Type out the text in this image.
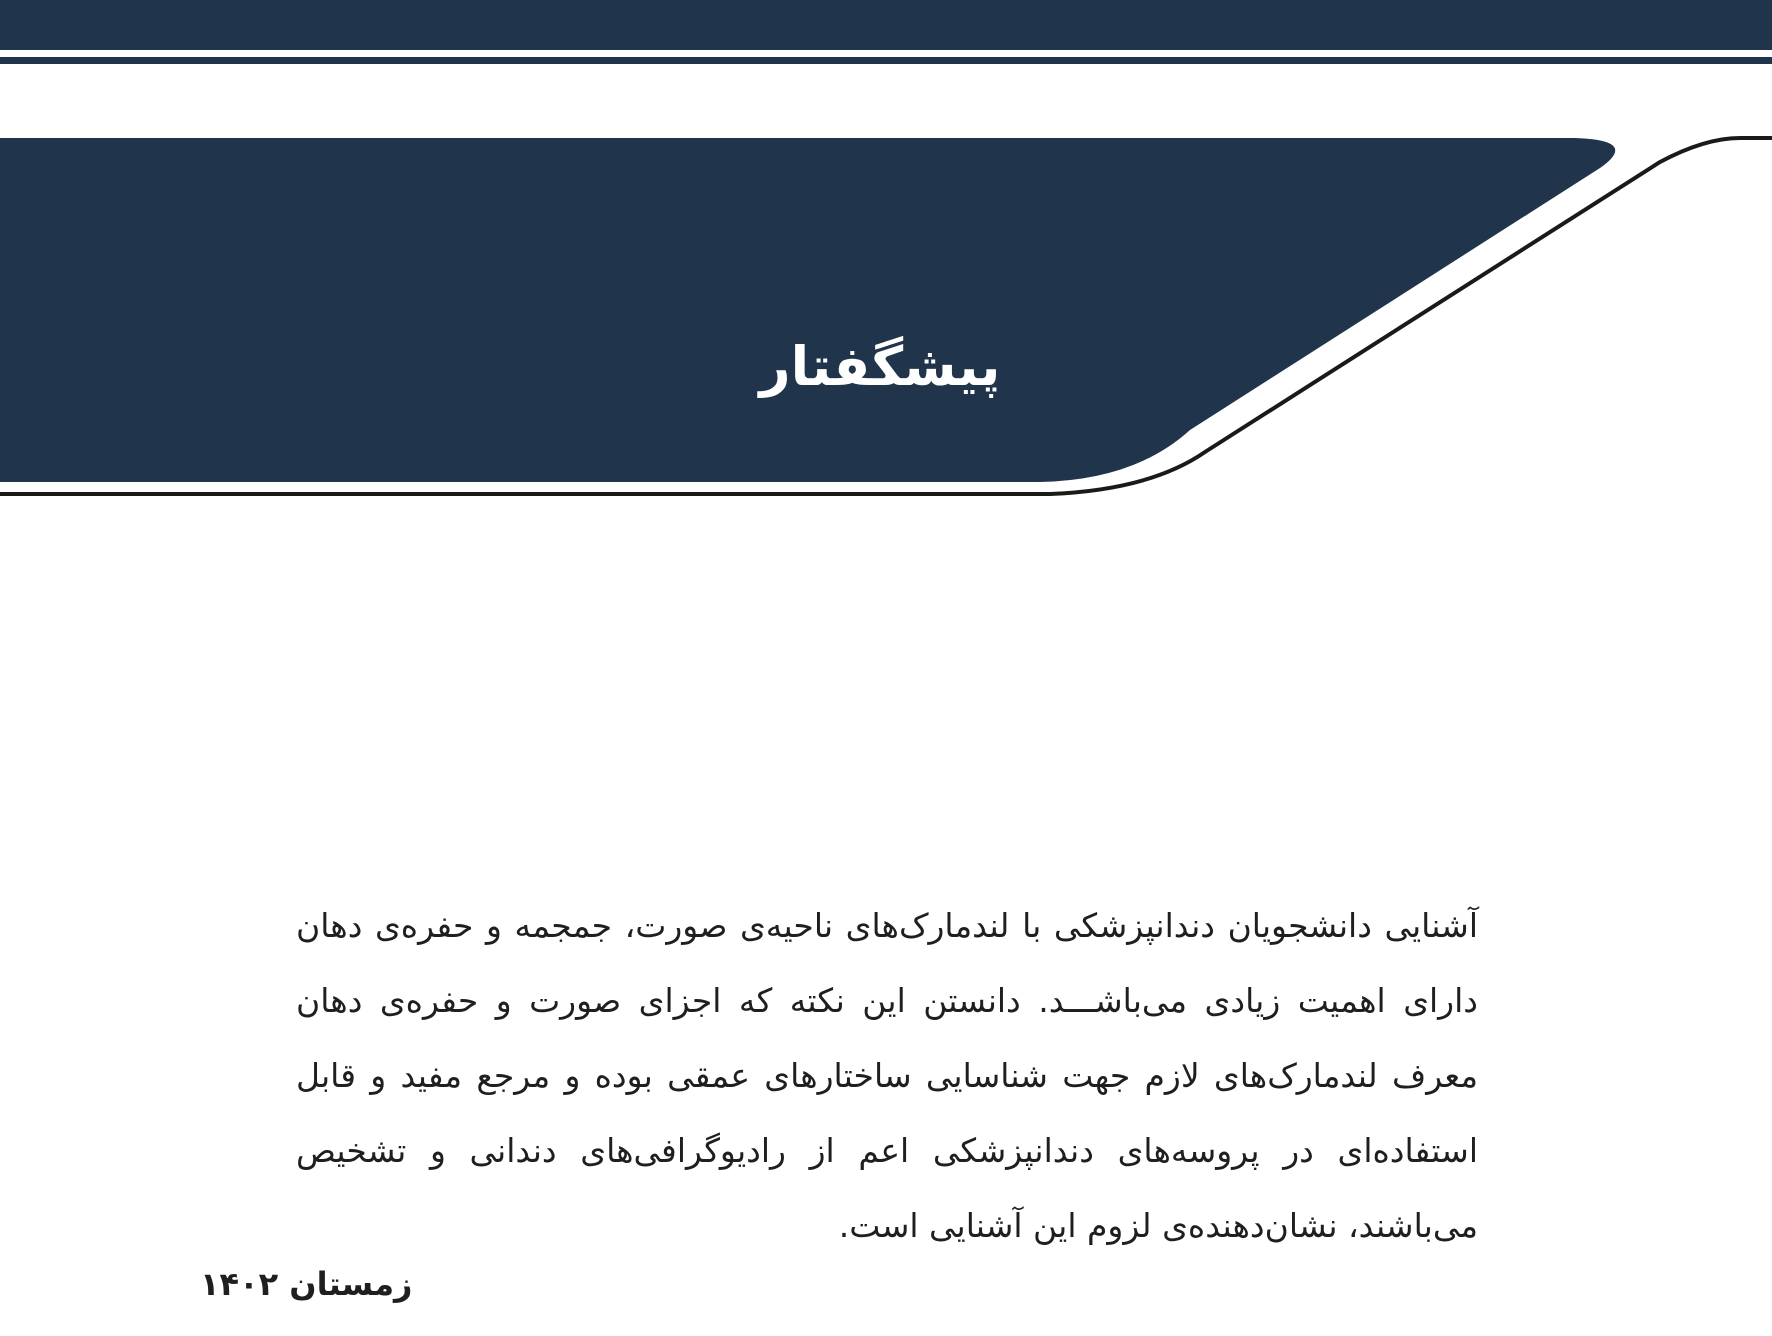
پیشگفتار

آشنایی دانشجویان دندانپزشکی با لندمارک‌های ناحیه‌ی صورت، جمجمه و حفره‌ی دهان دارای اهمیت زیادی می‌باشـــد. دانستن این نکته که اجزای صورت و حفره‌ی دهان معرف لندمارک‌های لازم جهت شناسایی ساختارهای عمقی بوده و مرجع مفید و قابل استفاده‌ای در پروسه‌های دندانپزشکی اعم از رادیوگرافی‌های دندانی و تشخیص می‌باشند، نشان‌دهنده‌ی لزوم این آشنایی است.

زمستان ۱۴۰۲
